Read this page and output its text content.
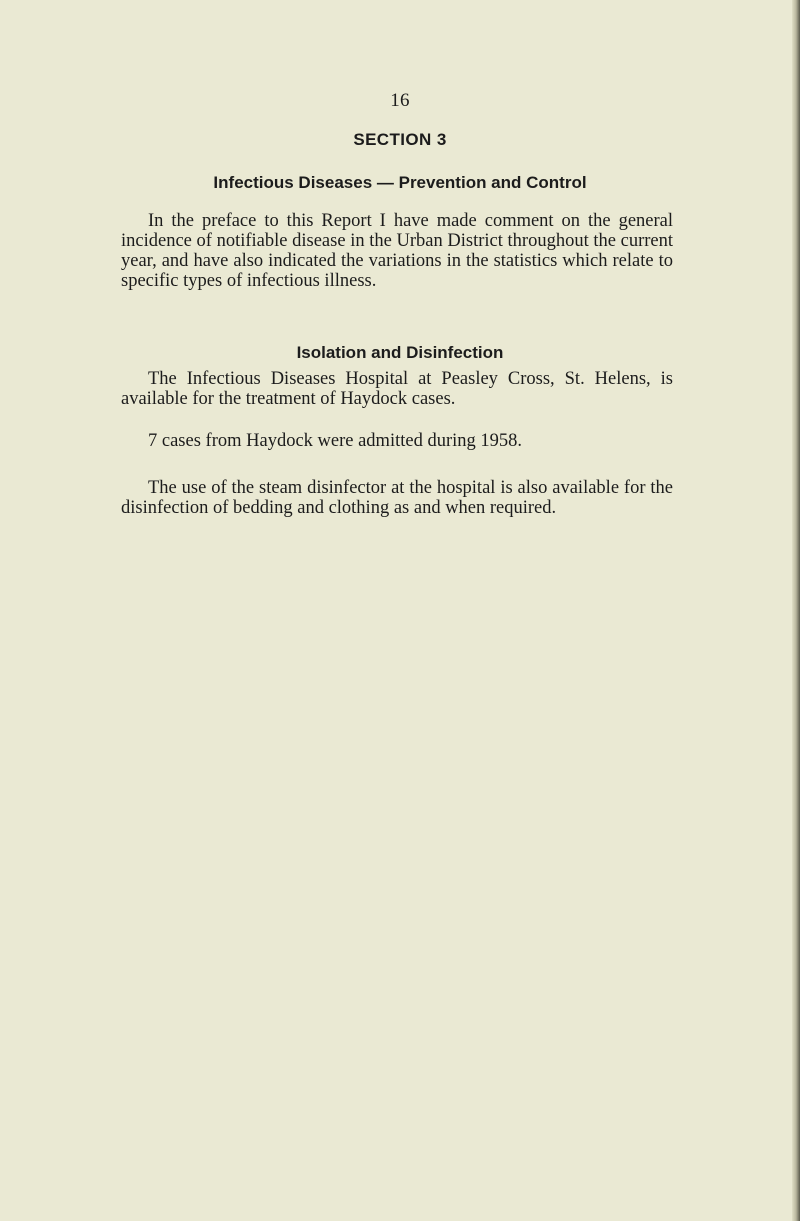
16
SECTION 3
Infectious Diseases — Prevention and Control

In the preface to this Report I have made comment on the general incidence of notifiable disease in the Urban District throughout the current year, and have also indicated the variations in the statistics which relate to specific types of infectious illness.

Isolation and Disinfection

The Infectious Diseases Hospital at Peasley Cross, St. Helens, is available for the treatment of Haydock cases.

7 cases from Haydock were admitted during 1958.

The use of the steam disinfector at the hospital is also available for the disinfection of bedding and clothing as and when required.
